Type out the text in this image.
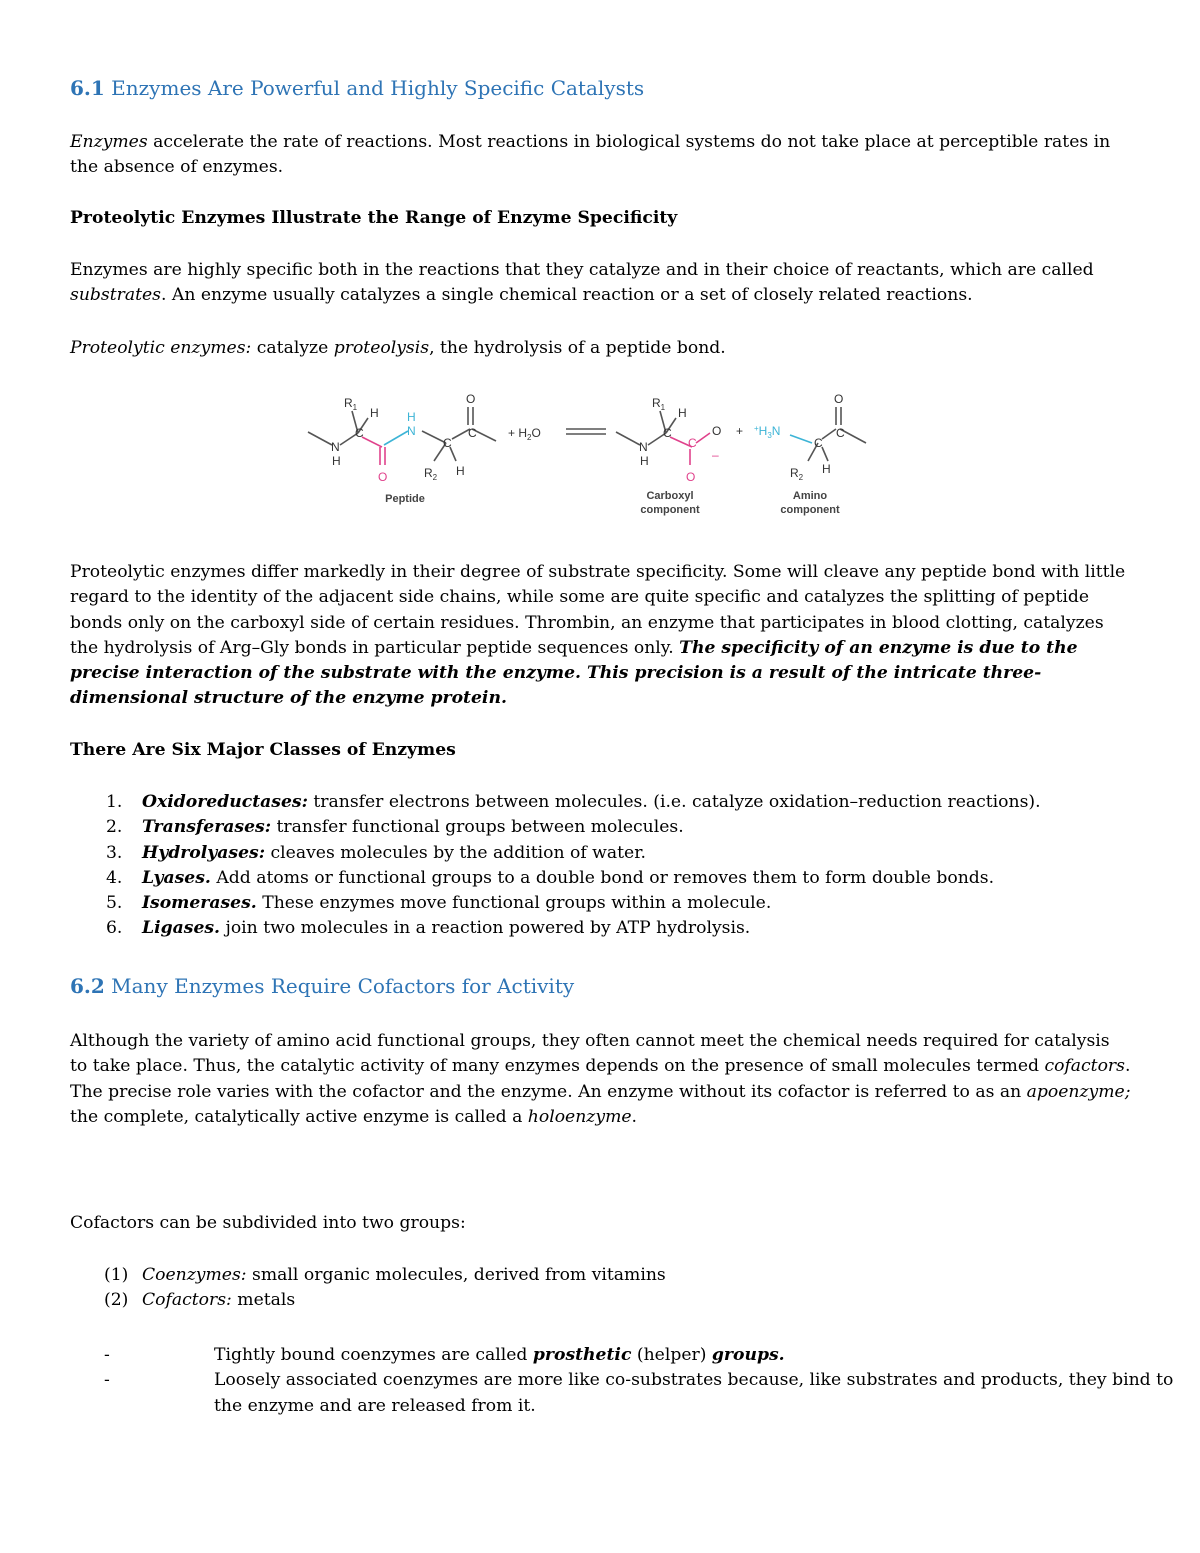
6.1 Enzymes Are Powerful and Highly Specific Catalysts
Enzymes accelerate the rate of reactions. Most reactions in biological systems do not take place at perceptible rates in the absence of enzymes.
Proteolytic Enzymes Illustrate the Range of Enzyme Specificity
Enzymes are highly specific both in the reactions that they catalyze and in their choice of reactants, which are called substrates. An enzyme usually catalyzes a single chemical reaction or a set of closely related reactions.
Proteolytic enzymes: catalyze proteolysis, the hydrolysis of a peptide bond.
$R_1$ H
N
H
C
O
H
N
C
$R_2$ H
O
C	+ $H_2O$
$R_1$ H
N
H
C
C
O
–
O
+ $^+H_3N$
C
O
C
$R_2$
H
Peptide	Carboxyl
component
Amino
component
Proteolytic enzymes differ markedly in their degree of substrate specificity. Some will cleave any peptide bond with little regard to the identity of the adjacent side chains, while some are quite specific and catalyzes the splitting of peptide bonds only on the carboxyl side of certain residues. Thrombin, an enzyme that participates in blood clotting, catalyzes the hydrolysis of Arg–Gly bonds in particular peptide sequences only. The specificity of an enzyme is due to the precise interaction of the substrate with the enzyme. This precision is a result of the intricate three-dimensional structure of the enzyme protein.
There Are Six Major Classes of Enzymes
1.	Oxidoreductases: transfer electrons between molecules. (i.e. catalyze oxidation–reduction reactions).
2.	Transferases: transfer functional groups between molecules.
3.	Hydrolyases: cleaves molecules by the addition of water.
4.	Lyases. Add atoms or functional groups to a double bond or removes them to form double bonds.
5.	Isomerases. These enzymes move functional groups within a molecule.
6.	Ligases. join two molecules in a reaction powered by ATP hydrolysis.
6.2 Many Enzymes Require Cofactors for Activity
Although the variety of amino acid functional groups, they often cannot meet the chemical needs required for catalysis to take place. Thus, the catalytic activity of many enzymes depends on the presence of small molecules termed cofactors. The precise role varies with the cofactor and the enzyme. An enzyme without its cofactor is referred to as an apoenzyme; the complete, catalytically active enzyme is called a holoenzyme.
Cofactors can be subdivided into two groups:
(1) Coenzymes: small organic molecules, derived from vitamins
(2) Cofactors: metals
-	Tightly bound coenzymes are called prosthetic (helper) groups.
-	Loosely associated coenzymes are more like co-substrates because, like substrates and products, they bind to the enzyme and are released from it.
